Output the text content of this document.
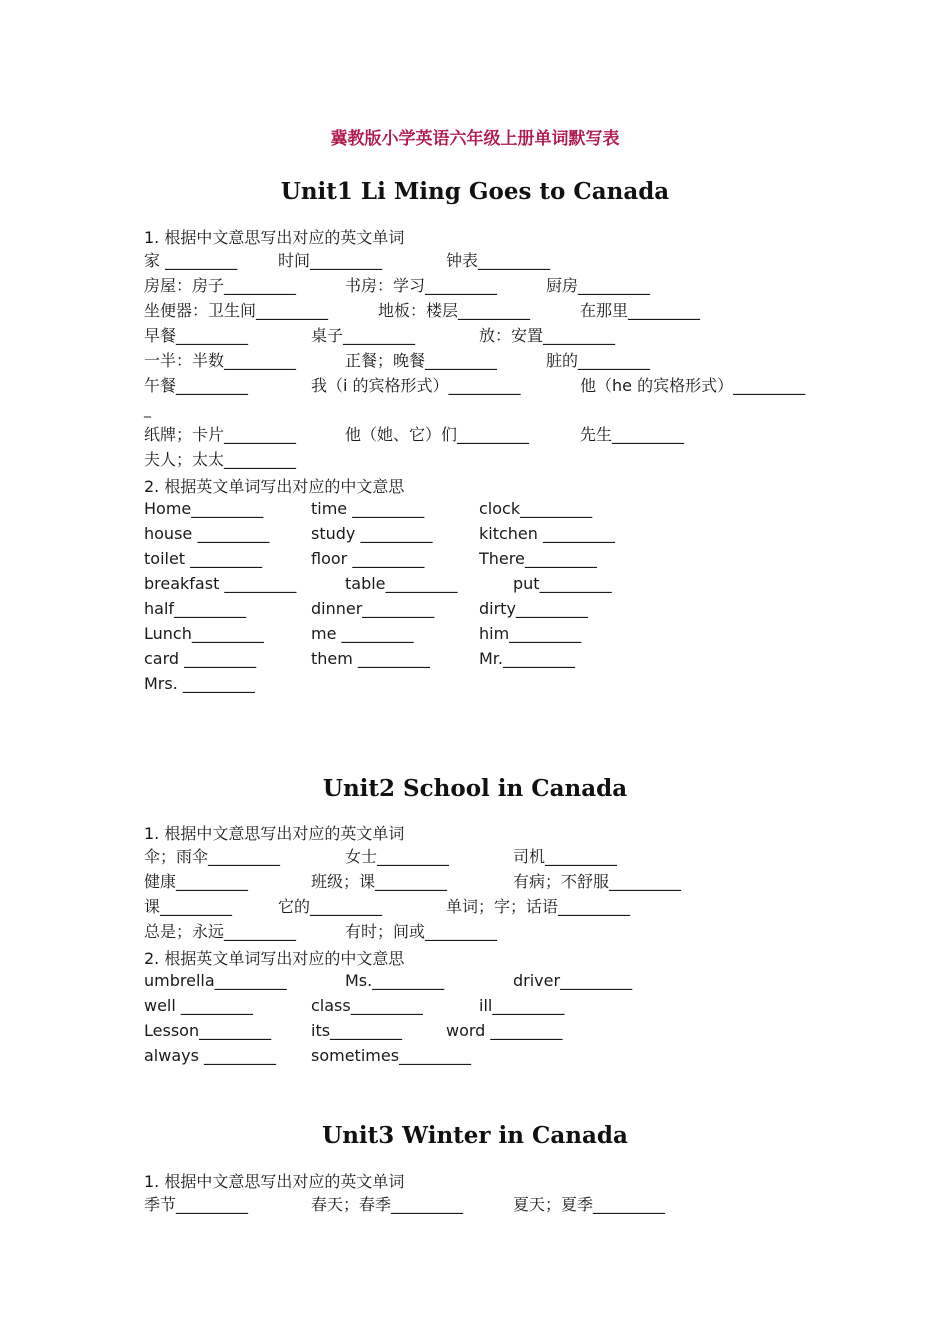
冀教版小学英语六年级上册单词默写表
Unit1 Li Ming Goes to Canada
1. 根据中文意思写出对应的英文单词
家 _________	时间_________	钟表_________
房屋：房子_________	书房：学习_________	厨房_________
坐便器：卫生间_________	地板：楼层_________	在那里_________
早餐_________	桌子_________	放：安置_________
一半：半数_________	正餐；晚餐_________	脏的_________
午餐_________	我（i 的宾格形式）_________	他（he 的宾格形式）_________
_
纸牌；卡片_________	他（她、它）们_________	先生_________
夫人；太太_________
2. 根据英文单词写出对应的中文意思
Home_________	time _________	clock_________
house _________	study _________	kitchen _________
toilet _________	floor _________	There_________
breakfast _________	table_________	put_________
half_________	dinner_________	dirty_________
Lunch_________	me _________	him_________
card _________	them _________	Mr._________
Mrs. _________
Unit2 School in Canada
1. 根据中文意思写出对应的英文单词
伞；雨伞_________	女士_________	司机_________
健康_________	班级；课_________	有病；不舒服_________
课_________	它的_________	单词；字；话语_________
总是；永远_________	有时；间或_________
2. 根据英文单词写出对应的中文意思
umbrella_________	Ms._________	driver_________
well _________	class_________	ill_________
Lesson_________ its_________	word _________
always _________ sometimes_________
Unit3 Winter in Canada
1. 根据中文意思写出对应的英文单词
季节_________	春天；春季_________	夏天；夏季_________
